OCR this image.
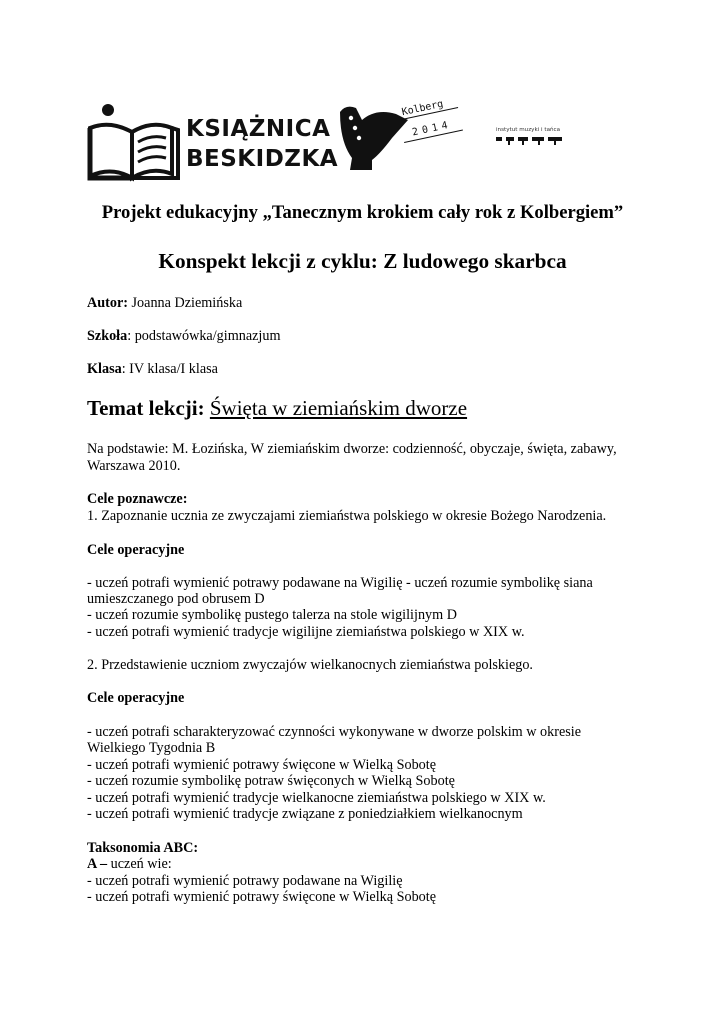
KSIĄŻNICA
BESKIDZKA
Kolberg
2014	instytut muzyki i tańca
Projekt edukacyjny „Tanecznym krokiem cały rok z Kolbergiem”
Konspekt lekcji z cyklu: Z ludowego skarbca
Autor: Joanna Dziemińska
Szkoła: podstawówka/gimnazjum
Klasa: IV klasa/I klasa
Temat lekcji: Święta w ziemiańskim dworze
Na podstawie: M. Łozińska, W ziemiańskim dworze: codzienność, obyczaje, święta, zabawy,
Warszawa 2010.
Cele poznawcze:
1. Zapoznanie ucznia ze zwyczajami ziemiaństwa polskiego w okresie Bożego Narodzenia.
Cele operacyjne
- uczeń potrafi wymienić potrawy podawane na Wigilię - uczeń rozumie symbolikę siana
umieszczanego pod obrusem D
- uczeń rozumie symbolikę pustego talerza na stole wigilijnym D
- uczeń potrafi wymienić tradycje wigilijne ziemiaństwa polskiego w XIX w.
2. Przedstawienie uczniom zwyczajów wielkanocnych ziemiaństwa polskiego.
Cele operacyjne
- uczeń potrafi scharakteryzować czynności wykonywane w dworze polskim w okresie
Wielkiego Tygodnia B
- uczeń potrafi wymienić potrawy święcone w Wielką Sobotę
- uczeń rozumie symbolikę potraw święconych w Wielką Sobotę
- uczeń potrafi wymienić tradycje wielkanocne ziemiaństwa polskiego w XIX w.
- uczeń potrafi wymienić tradycje związane z poniedziałkiem wielkanocnym
Taksonomia ABC:
A – uczeń wie:
- uczeń potrafi wymienić potrawy podawane na Wigilię
- uczeń potrafi wymienić potrawy święcone w Wielką Sobotę
